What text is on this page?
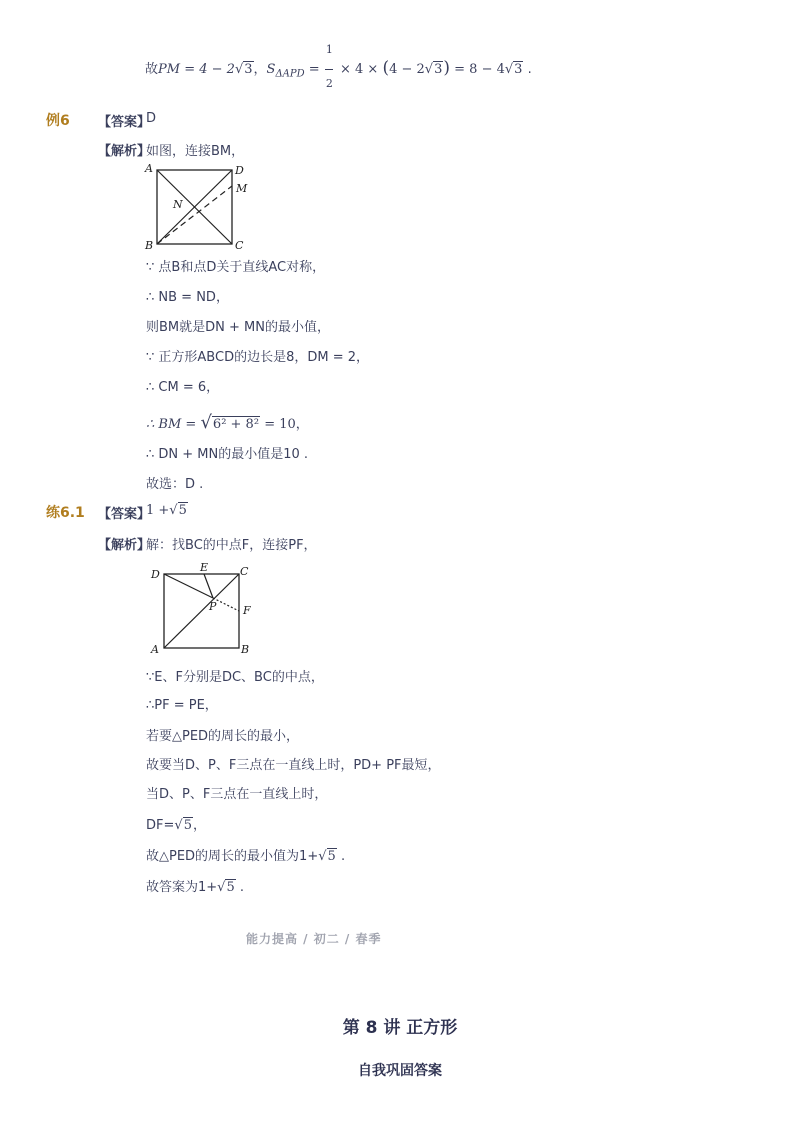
故PM = 4 − 2√3，$S_{\Delta APD} = \frac{1}{2} \times 4 \times (4 - 2√3) = 8 - 4√3$ .
例6 【答案】
D
【解析】
如图，连接BM，
A	D
M
N
B	C
∵ 点B和点D关于直线AC对称，
∴ NB = ND，
则BM就是DN + MN的最小值，
∵ 正方形ABCD的边长是8，DM = 2，
∴ CM = 6，
∴ BM = √6² + 8² = 10，
∴ DN + MN的最小值是10 .
故选：D .
练6.1 【答案】
1 +√5
【解析】
解：找BC的中点F，连接PF，
D
E	C
P F
A	B
∵E、F分别是DC、BC的中点，
∴PF = PE，
若要△PED的周长的最小，
故要当D、P、F三点在一直线上时，PD+ PF最短，
当D、P、F三点在一直线上时，
DF=√5，
故△PED的周长的最小值为1+√5 .
故答案为1+√5 .
能力提高 / 初二 / 春季
第 8 讲 正方形
自我巩固答案
